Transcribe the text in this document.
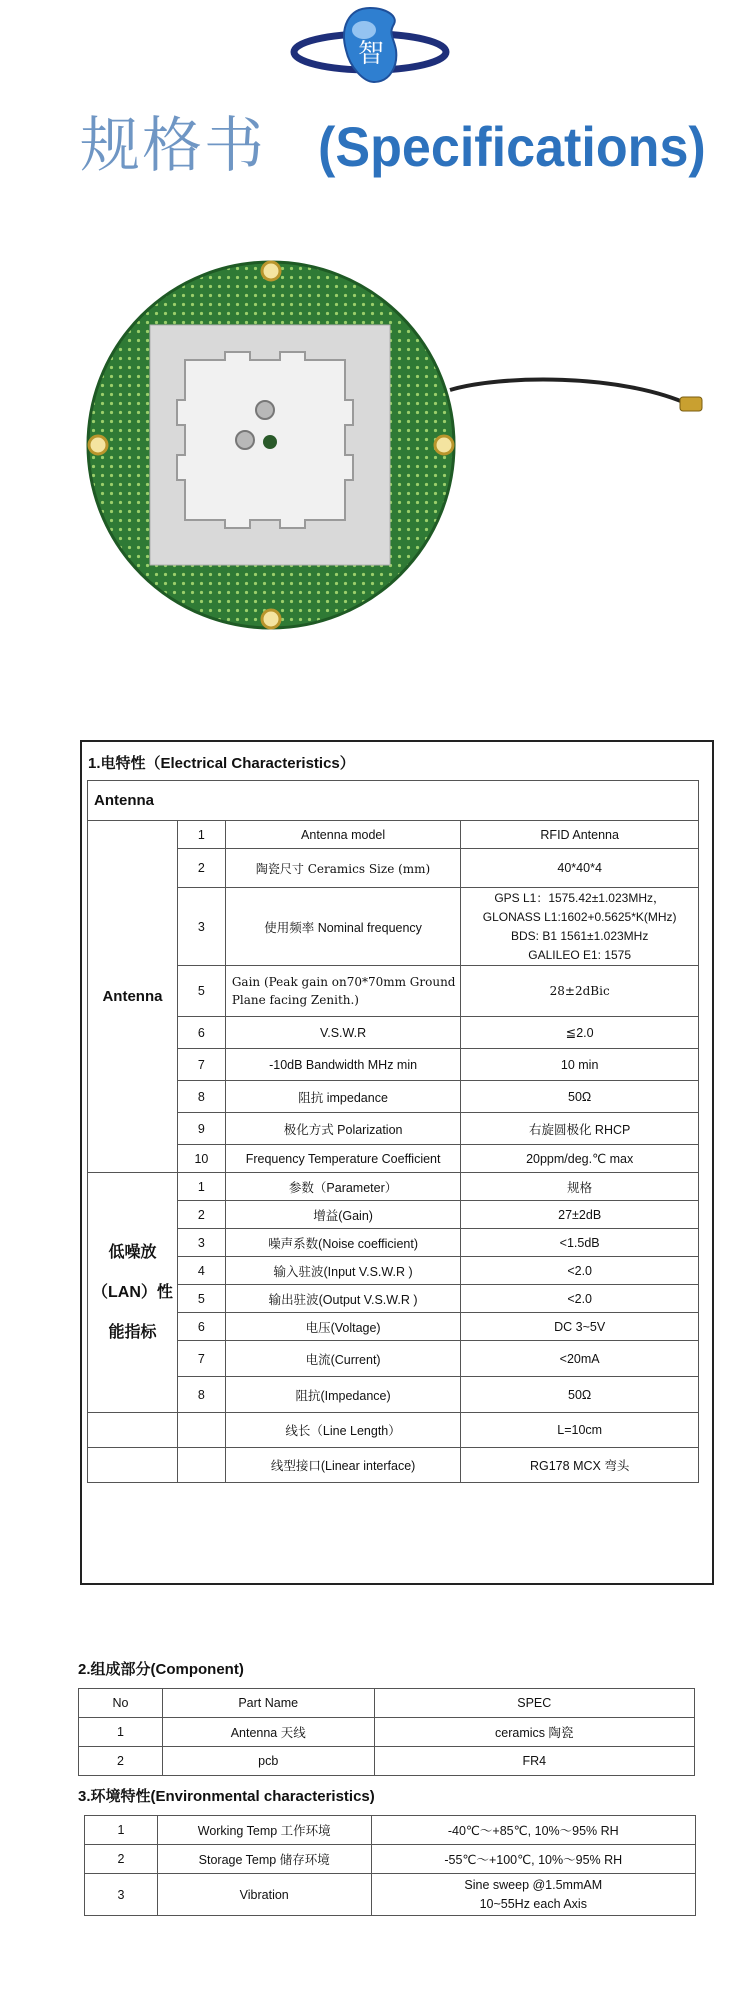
智
规格书 (Specifications)
1.电特性（Electrical Characteristics）
Antenna			
Antenna	1	Antenna model	RFID Antenna
	2	陶瓷尺寸 Ceramics Size (mm)	40*40*4
	3	使用频率 Nominal frequency	GPS L1：1575.42±1.023MHz，
GLONASS L1:1602+0.5625*K(MHz)
BDS: B1 1561±1.023MHz
GALILEO E1: 1575

	5	Gain (Peak gain on70*70mm Ground Plane facing Zenith.)	28±2dBic
	6	V.S.W.R	≦2.0
	7	-10dB Bandwidth MHz min	10 min
	8	阻抗 impedance	50Ω
	9	极化方式 Polarization	右旋圆极化 RHCP
	10	Frequency Temperature Coefficient	20ppm/deg.℃ max

低噪放
（LAN）性
能指标	1	参数（Parameter）	规格
	2	增益(Gain)	27±2dB
	3	噪声系数(Noise coefficient)	<1.5dB
	4	输入驻波(Input V.S.W.R )	<2.0
	5	输出驻波(Output V.S.W.R )	<2.0
	6	电压(Voltage)	DC 3~5V
	7	电流(Current)	<20mA
	8	阻抗(Impedance)	50Ω
		线长（Line Length）	L=10cm
		线型接口(Linear interface)	RG178 MCX 弯头
2.组成部分(Component)
No	Part Name	SPEC
1	Antenna 天线	ceramics 陶瓷
2	pcb	FR4
3.环境特性(Environmental characteristics)
1	Working Temp 工作环境	-40℃～+85℃, 10%～95% RH
2	Storage Temp 储存环境	-55℃～+100℃, 10%～95% RH
3	Vibration	Sine sweep @1.5mmAM
10~55Hz each Axis
